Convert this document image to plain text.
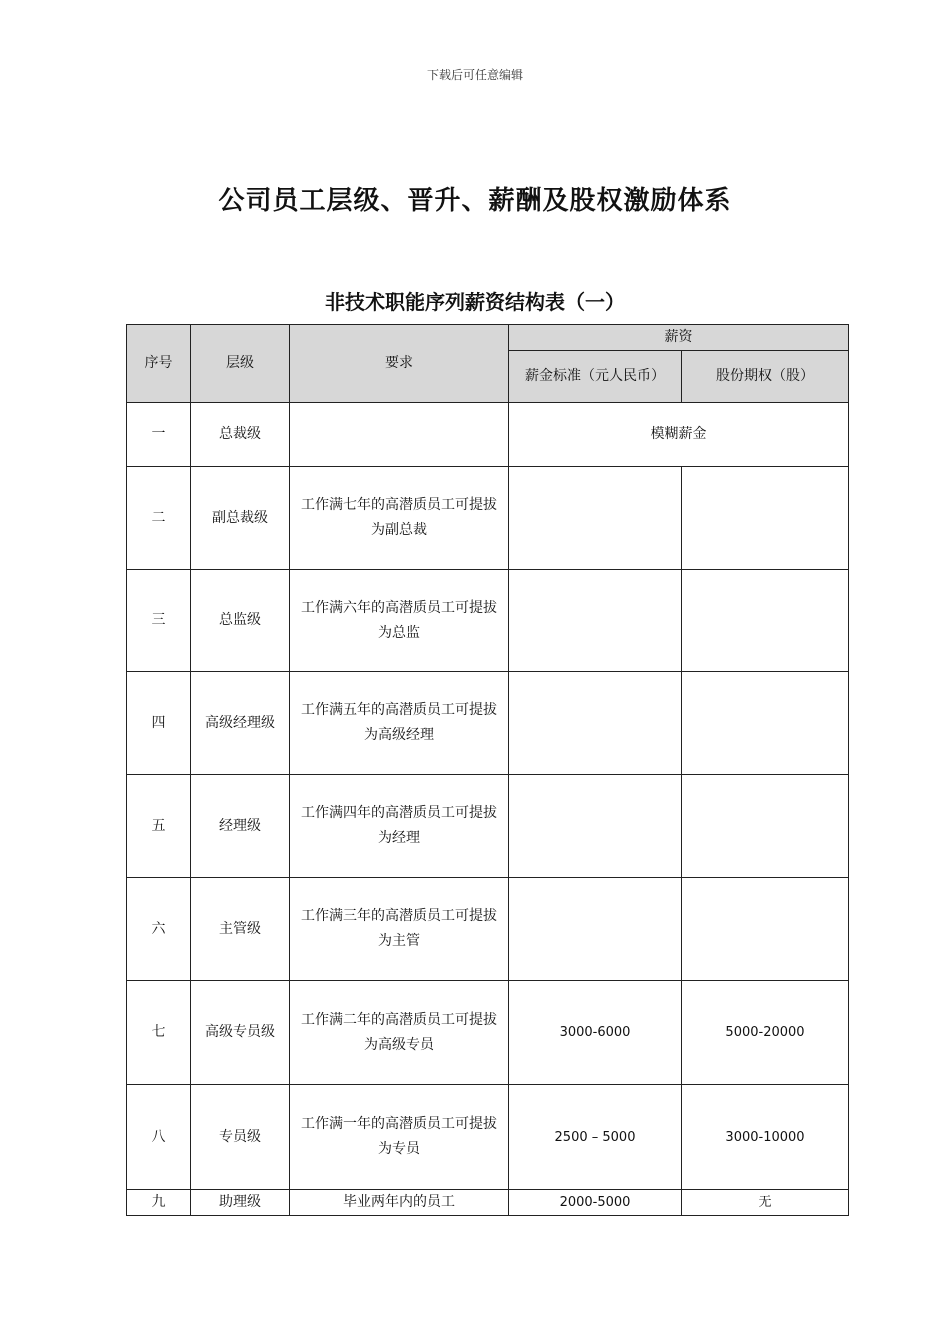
下载后可任意编辑
公司员工层级、晋升、薪酬及股权激励体系
非技术职能序列薪资结构表（一）
序号	层级	要求	薪资	
			薪金标准（元人民币）	股份期权（股）
一	总裁级		模糊薪金	
二	副总裁级	工作满七年的高潜质员工可提拔为副总裁		
三	总监级	工作满六年的高潜质员工可提拔为总监		
四	高级经理级	工作满五年的高潜质员工可提拔为高级经理		
五	经理级	工作满四年的高潜质员工可提拔为经理		
六	主管级	工作满三年的高潜质员工可提拔为主管		
七	高级专员级	工作满二年的高潜质员工可提拔为高级专员	3000-6000	5000-20000
八	专员级	工作满一年的高潜质员工可提拔为专员	2500 – 5000	3000-10000
九	助理级	毕业两年内的员工	2000-5000	无
